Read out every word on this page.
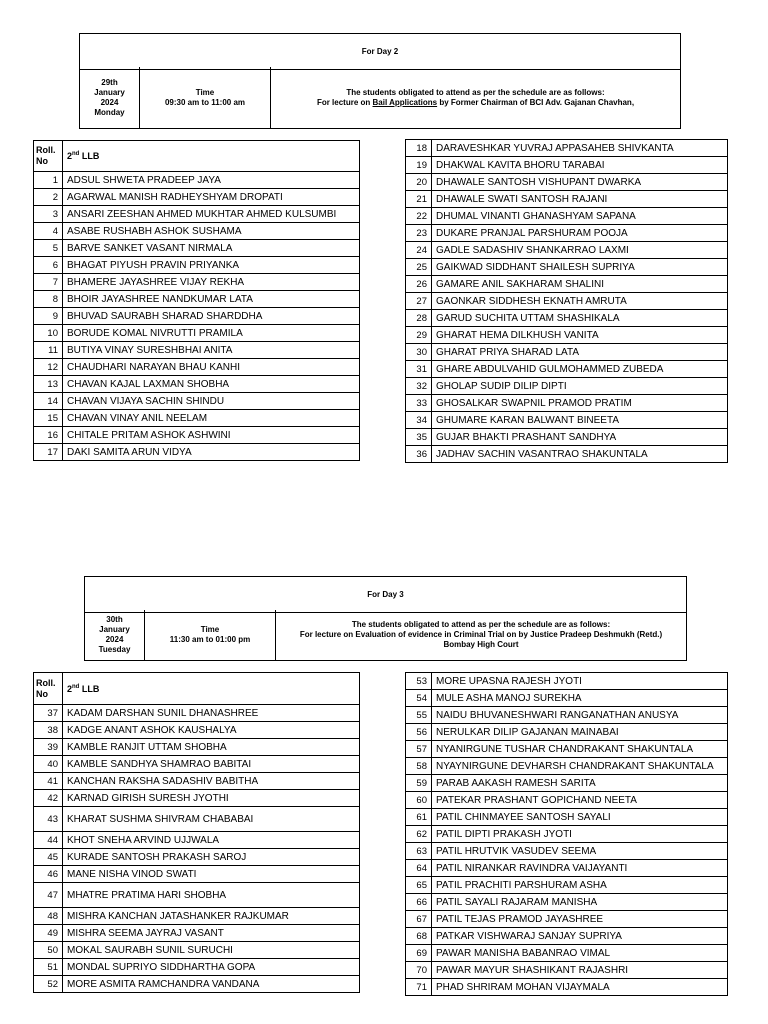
For Day 2
29th
January
2024
Monday
Time
09:30 am to 11:00 am
The students obligated to attend as per the schedule are as follows:
For lecture on Bail Applications by Former Chairman of BCI Adv. Gajanan Chavhan,
Roll.
No	2nd LLB
1	ADSUL SHWETA PRADEEP JAYA
2	AGARWAL MANISH RADHEYSHYAM DROPATI
3	ANSARI ZEESHAN AHMED MUKHTAR AHMED KULSUMBI
4	ASABE RUSHABH ASHOK SUSHAMA
5	BARVE SANKET VASANT NIRMALA
6	BHAGAT PIYUSH PRAVIN PRIYANKA
7	BHAMERE JAYASHREE VIJAY REKHA
8	BHOIR JAYASHREE NANDKUMAR LATA
9	BHUVAD SAURABH SHARAD SHARDDHA
10	BORUDE KOMAL NIVRUTTI PRAMILA
11	BUTIYA VINAY SURESHBHAI ANITA
12	CHAUDHARI NARAYAN BHAU KANHI
13	CHAVAN KAJAL LAXMAN SHOBHA
14	CHAVAN VIJAYA SACHIN SHINDU
15	CHAVAN VINAY ANIL NEELAM
16	CHITALE PRITAM ASHOK ASHWINI
17	DAKI SAMITA ARUN VIDYA
18	DARAVESHKAR YUVRAJ APPASAHEB SHIVKANTA
19	DHAKWAL KAVITA BHORU TARABAI
20	DHAWALE SANTOSH VISHUPANT DWARKA
21	DHAWALE SWATI SANTOSH RAJANI
22	DHUMAL VINANTI GHANASHYAM SAPANA
23	DUKARE PRANJAL PARSHURAM POOJA
24	GADLE SADASHIV SHANKARRAO LAXMI
25	GAIKWAD SIDDHANT SHAILESH SUPRIYA
26	GAMARE ANIL SAKHARAM SHALINI
27	GAONKAR SIDDHESH EKNATH AMRUTA
28	GARUD SUCHITA UTTAM SHASHIKALA
29	GHARAT HEMA DILKHUSH VANITA
30	GHARAT PRIYA SHARAD LATA
31	GHARE ABDULVAHID GULMOHAMMED ZUBEDA
32	GHOLAP SUDIP DILIP DIPTI
33	GHOSALKAR SWAPNIL PRAMOD PRATIM
34	GHUMARE KARAN BALWANT BINEETA
35	GUJAR BHAKTI PRASHANT SANDHYA
36	JADHAV SACHIN VASANTRAO SHAKUNTALA
For Day 3
30th
January
2024
Tuesday
Time
11:30 am to 01:00 pm
The students obligated to attend as per the schedule are as follows:
For lecture on Evaluation of evidence in Criminal Trial on by Justice Pradeep Deshmukh (Retd.)
Bombay High Court
Roll.
No	2nd LLB
37	KADAM DARSHAN SUNIL DHANASHREE
38	KADGE ANANT ASHOK KAUSHALYA
39	KAMBLE RANJIT UTTAM SHOBHA
40	KAMBLE SANDHYA SHAMRAO BABITAI
41	KANCHAN RAKSHA SADASHIV BABITHA
42	KARNAD GIRISH SURESH JYOTHI
43	KHARAT SUSHMA SHIVRAM CHABABAI
44	KHOT SNEHA ARVIND UJJWALA
45	KURADE SANTOSH PRAKASH SAROJ
46	MANE NISHA VINOD SWATI
47	MHATRE PRATIMA HARI SHOBHA
48	MISHRA KANCHAN JATASHANKER RAJKUMAR
49	MISHRA SEEMA JAYRAJ VASANT
50	MOKAL SAURABH SUNIL SURUCHI
51	MONDAL SUPRIYO SIDDHARTHA GOPA
52	MORE ASMITA RAMCHANDRA VANDANA
53	MORE UPASNA RAJESH JYOTI
54	MULE ASHA MANOJ SUREKHA
55	NAIDU BHUVANESHWARI RANGANATHAN ANUSYA
56	NERULKAR DILIP GAJANAN MAINABAI
57	NYANIRGUNE TUSHAR CHANDRAKANT SHAKUNTALA
58	NYAYNIRGUNE DEVHARSH CHANDRAKANT SHAKUNTALA
59	PARAB AAKASH RAMESH SARITA
60	PATEKAR PRASHANT GOPICHAND NEETA
61	PATIL CHINMAYEE SANTOSH SAYALI
62	PATIL DIPTI PRAKASH JYOTI
63	PATIL HRUTVIK VASUDEV SEEMA
64	PATIL NIRANKAR RAVINDRA VAIJAYANTI
65	PATIL PRACHITI PARSHURAM ASHA
66	PATIL SAYALI RAJARAM MANISHA
67	PATIL TEJAS PRAMOD JAYASHREE
68	PATKAR VISHWARAJ SANJAY SUPRIYA
69	PAWAR MANISHA BABANRAO VIMAL
70	PAWAR MAYUR SHASHIKANT RAJASHRI
71	PHAD SHRIRAM MOHAN VIJAYMALA
